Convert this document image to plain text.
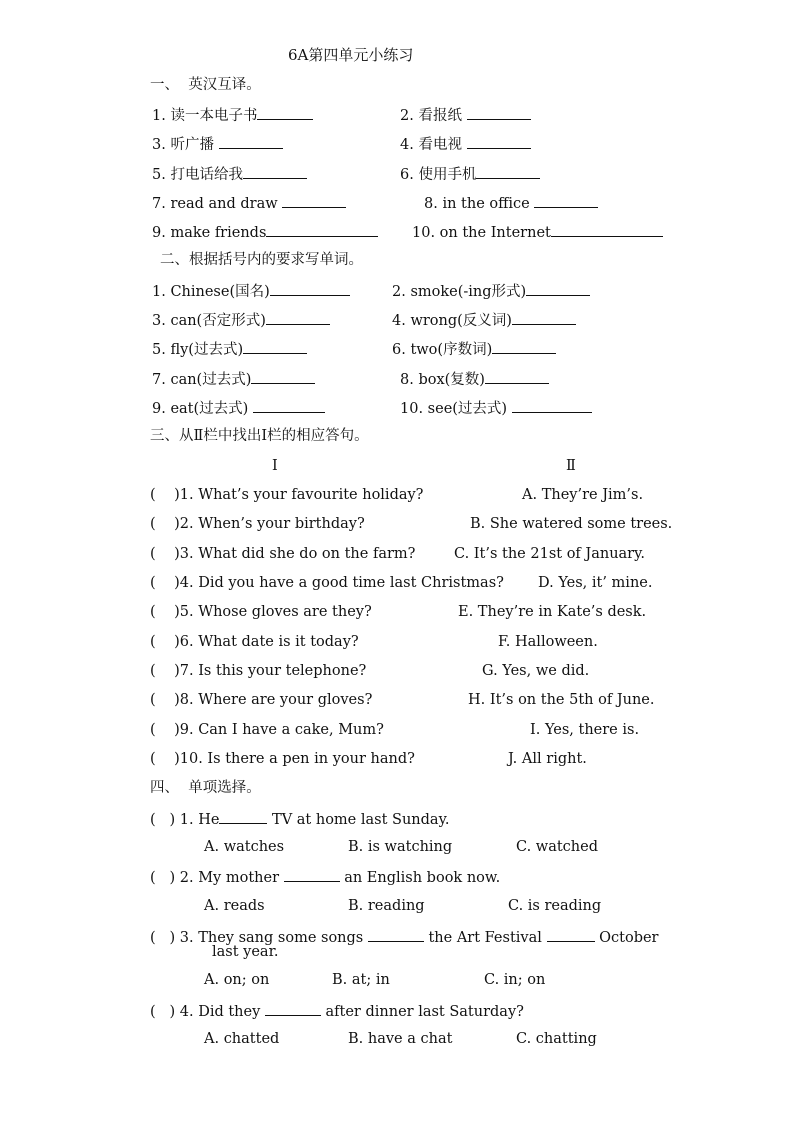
6A第四单元小练习
一、  英汉互译。
1. 读一本电子书	2. 看报纸
3. 听广播	4. 看电视
5. 打电话给我	6. 使用手机
7. read and draw	8. in the office
9. make friends	10. on the Internet
二、根据括号内的要求写单词。
1. Chinese(国名)	2. smoke(-ing形式)
3. can(否定形式)	4. wrong(反义词)
5. fly(过去式)	6. two(序数词)
7. can(过去式)	8. box(复数)
9. eat(过去式)	10. see(过去式)
三、从Ⅱ栏中找出Ⅰ栏的相应答句。
Ⅰ	Ⅱ
(    )1. What’s your favourite holiday?	A. They’re Jim’s.
(    )2. When’s your birthday?	B. She watered some trees.
(    )3. What did she do on the farm?	C. It’s the 21st of January.
(    )4. Did you have a good time last Christmas? D. Yes, it’ mine.
(    )5. Whose gloves are they?	E. They’re in Kate’s desk.
(    )6. What date is it today?	F. Halloween.
(    )7. Is this your telephone?	G. Yes, we did.
(    )8. Where are your gloves?	H. It’s on the 5th of June.
(    )9. Can I have a cake, Mum?	I. Yes, there is.
(    )10. Is there a pen in your hand?	J. All right.
四、  单项选择。
(   ) 1. He	TV at home last Sunday.
A. watches	B. is watching	C. watched
(   ) 2. My mother	an English book now.
A. reads	B. reading	C. is reading
(   ) 3. They sang some songs	the Art Festival	October
last year.
A. on; on	B. at; in	C. in; on
(   ) 4. Did they	after dinner last Saturday?
A. chatted	B. have a chat	C. chatting
